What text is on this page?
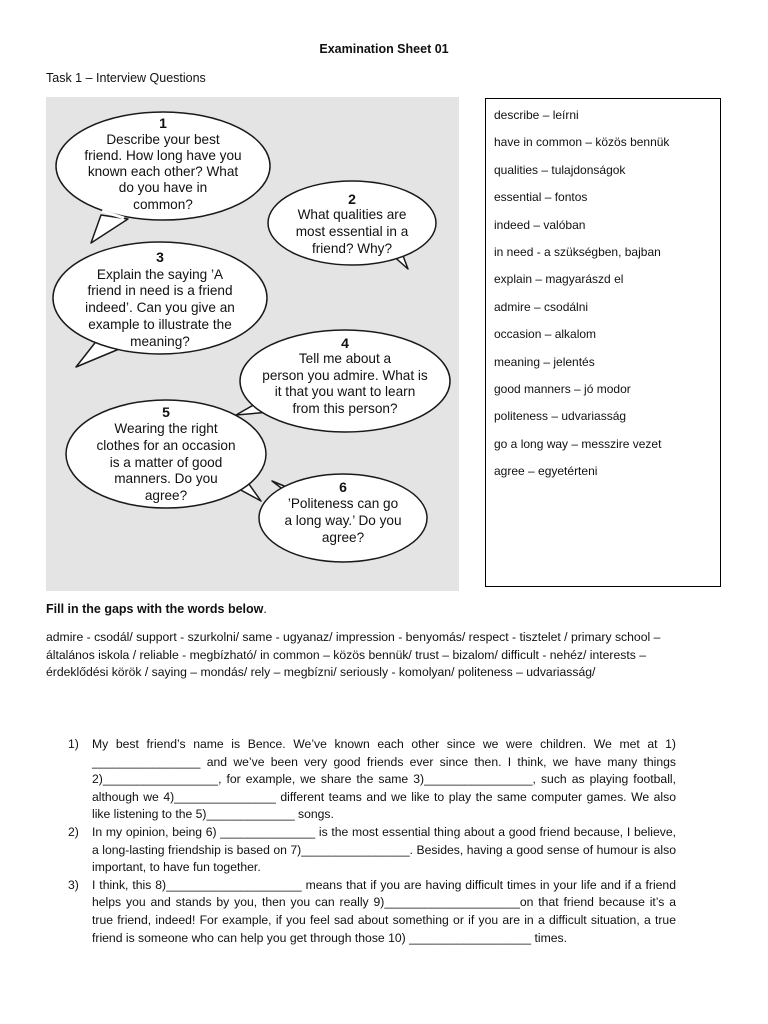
Examination Sheet 01
Task 1 – Interview Questions
1
Describe your best
friend. How long have you
known each other? What
do you have in
common?	2
What qualities are
most essential in a
friend? Why?
3
Explain the saying ’A
friend in need is a friend
indeed’. Can you give an
example to illustrate the
meaning?	4
Tell me about a
person you admire. What is
it that you want to learn
from this person?
5
Wearing the right
clothes for an occasion
is a matter of good
manners. Do you
agree?
6
’Politeness can go
a long way.’ Do you
agree?
describe – leírni
have in common – közös bennük
qualities – tulajdonságok
essential – fontos
indeed – valóban
in need - a szükségben, bajban
explain – magyarászd el
admire – csodálni
occasion – alkalom
meaning – jelentés
good manners – jó modor
politeness – udvariasság
go a long way – messzire vezet
agree – egyetérteni
Fill in the gaps with the words below.
admire - csodál/ support - szurkolni/ same - ugyanaz/ impression - benyomás/ respect - tisztelet / primary school – általános iskola / reliable - megbízható/ in common – közös bennük/ trust – bizalom/ difficult - nehéz/ interests – érdeklődési körök / saying – mondás/ rely – megbízni/ seriously - komolyan/ politeness – udvariasság/
1) My best friend’s name is Bence. We’ve known each other since we were children. We met at 1) ________________ and we’ve been very good friends ever since then. I think, we have many things 2)_________________, for example, we share the same 3)________________, such as playing football, although we 4)_______________ different teams and we like to play the same computer games. We also like listening to the 5)_____________ songs.
2) In my opinion, being 6) ______________ is the most essential thing about a good friend because, I believe, a long-lasting friendship is based on 7)________________. Besides, having a good sense of humour is also important, to have fun together.
3) I think, this 8)____________________ means that if you are having difficult times in your life and if a friend helps you and stands by you, then you can really 9)____________________on that friend because it’s a true friend, indeed! For example, if you feel sad about something or if you are in a difficult situation, a true friend is someone who can help you get through those 10) __________________ times.
